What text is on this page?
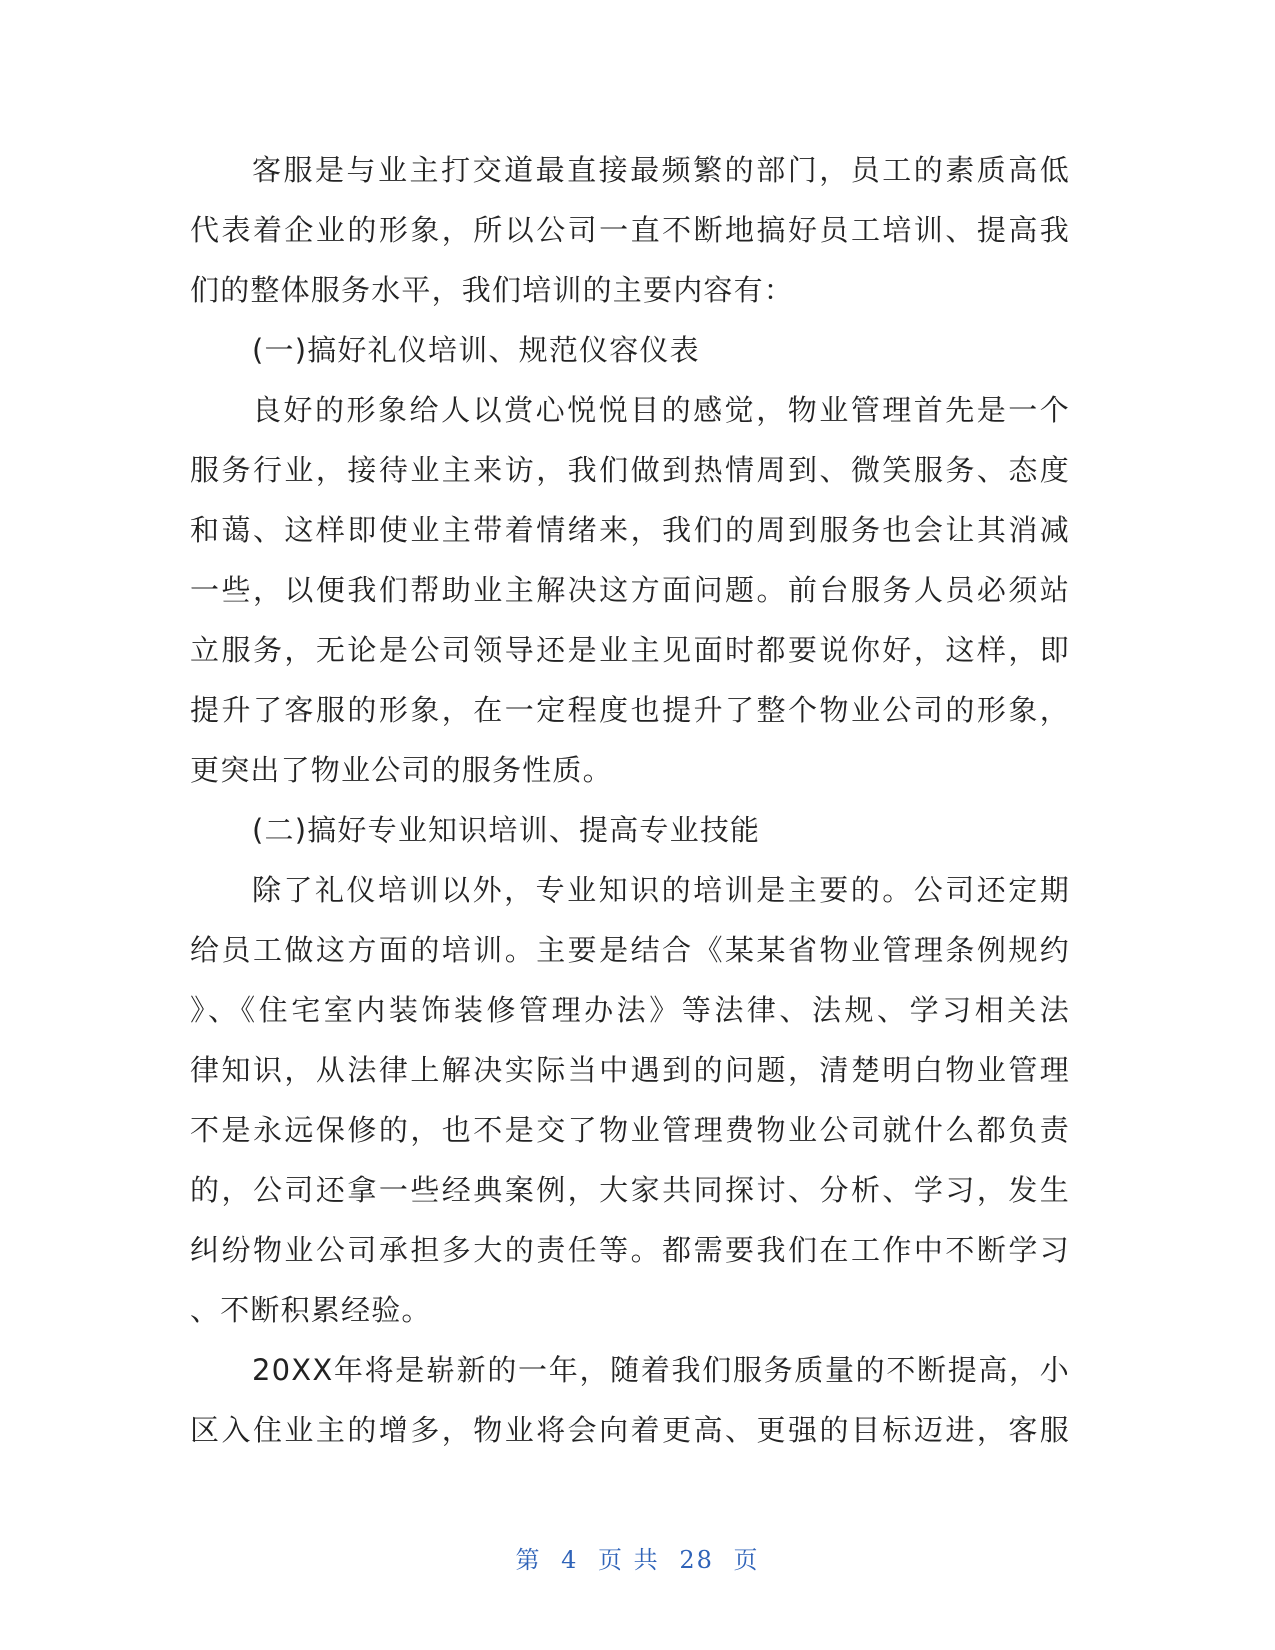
客服是与业主打交道最直接最频繁的部门，员工的素质高低
代表着企业的形象，所以公司一直不断地搞好员工培训、提高我
们的整体服务水平，我们培训的主要内容有：
(一)搞好礼仪培训、规范仪容仪表
良好的形象给人以赏心悦悦目的感觉，物业管理首先是一个
服务行业，接待业主来访，我们做到热情周到、微笑服务、态度
和蔼、这样即使业主带着情绪来，我们的周到服务也会让其消减
一些，以便我们帮助业主解决这方面问题。前台服务人员必须站
立服务，无论是公司领导还是业主见面时都要说你好，这样，即
提升了客服的形象，在一定程度也提升了整个物业公司的形象，
更突出了物业公司的服务性质。
(二)搞好专业知识培训、提高专业技能
除了礼仪培训以外，专业知识的培训是主要的。公司还定期
给员工做这方面的培训。主要是结合《某某省物业管理条例规约
》、《住宅室内装饰装修管理办法》等法律、法规、学习相关法
律知识，从法律上解决实际当中遇到的问题，清楚明白物业管理
不是永远保修的，也不是交了物业管理费物业公司就什么都负责
的，公司还拿一些经典案例，大家共同探讨、分析、学习，发生
纠纷物业公司承担多大的责任等。都需要我们在工作中不断学习
、不断积累经验。
20XX年将是崭新的一年，随着我们服务质量的不断提高，小
区入住业主的增多，物业将会向着更高、更强的目标迈进，客服
第 4 页 共 28 页
